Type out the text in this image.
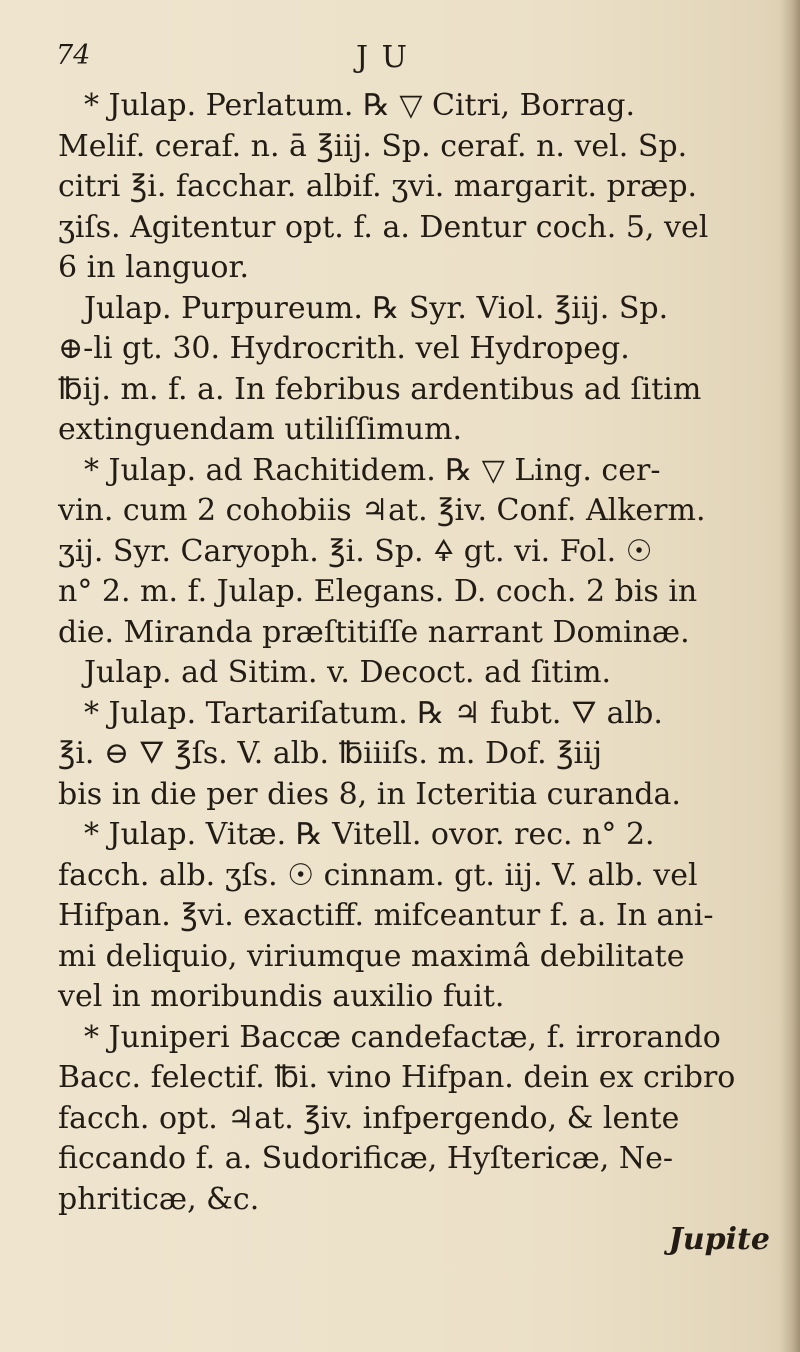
74	J U
* Julap. Perlatum. ℞ ▽ Citri, Borrag.
Melif. ceraf. n. ā ℥iij. Sp. ceraf. n. vel. Sp.
citri ℥i. facchar. albif. ʒvi. margarit. præp.
ʒiſs. Agitentur opt. f. a. Dentur coch. 5, vel
6 in languor.
Julap. Purpureum. ℞ Syr. Viol. ℥iij. Sp.
⊕-li gt. 30. Hydrocrith. vel Hydropeg.
℔ij. m. f. a. In febribus ardentibus ad ſitim
extinguendam utiliſſimum.
* Julap. ad Rachitidem. ℞ ▽ Ling. cer-
vin. cum 2 cohobiis ♃at. ℥iv. Conf. Alkerm.
ʒij. Syr. Caryoph. ℥i. Sp. 🜍 gt. vi. Fol. ☉
n° 2. m. f. Julap. Elegans. D. coch. 2 bis in
die. Miranda præſtitiſſe narrant Dominæ.
Julap. ad Sitim. v. Decoct. ad ſitim.
* Julap. Tartariſatum. ℞ ♃ fubt. 🜄 alb.
℥i. ⊖ 🜄 ℥ſs. V. alb. ℔iiiſs. m. Dof. ℥iij
bis in die per dies 8, in Icteritia curanda.
* Julap. Vitæ. ℞ Vitell. ovor. rec. n° 2.
facch. alb. ʒſs. ☉ cinnam. gt. iij. V. alb. vel
Hifpan. ℥vi. exactiff. mifceantur f. a. In ani-
mi deliquio, viriumque maximâ debilitate
vel in moribundis auxilio fuit.
* Juniperi Baccæ candefactæ, f. irrorando
Bacc. felectif. ℔i. vino Hifpan. dein ex cribro
facch. opt. ♃at. ℥iv. infpergendo, & lente
ficcando f. a. Sudorificæ, Hyſtericæ, Ne-
phriticæ, &c.
Jupite
